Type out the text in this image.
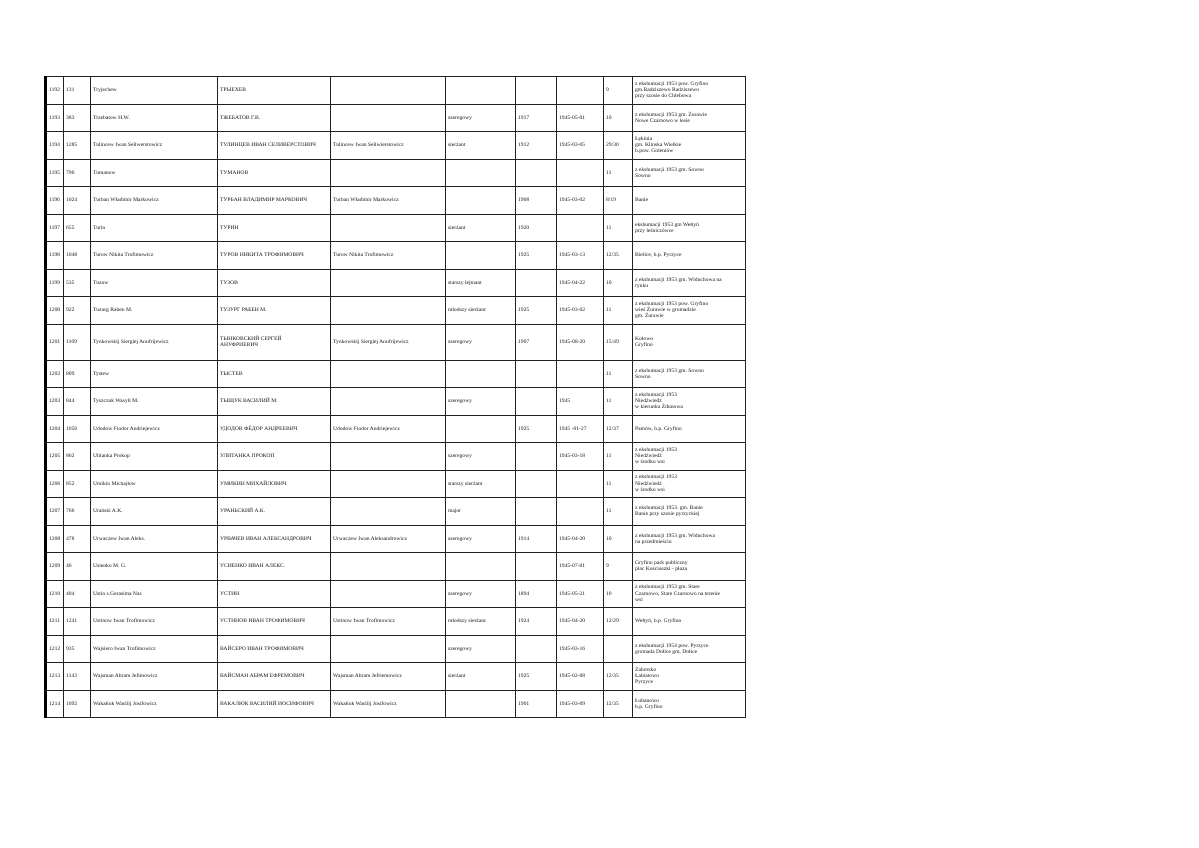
1192	131	Tryjechew	ТРЫЕХЕВ					9	z ekshumacji 1953 pow. Gryfino
gm.Radziszewo Radziszewo
przy szosie do Chlebowa
1193	383	Trzebatow H.W.	ТЖЕБАТОВ Г.В.		szeregowy	1917	1945-05-01	10	z ekshumacji 1953 gm. Żurawie
Nowe Czarnowo w lesie
1194	1285	Tulincew Iwan Seliwerstowicz	ТУЛИНЦЕВ ИВАН СЕЛИВЕРСТОВИЧ	Tulincew Iwan Seliwierstowicz	sierżant	1912	1945-03-05	29/30	Łękinia
gm. Klinska Wielkie
b.pow. Goleniów
1195	796	Tumanow	ТУМАНОВ					11	z ekshumacji 1953 gm. Sowno
Sowno
1196	1024	Turban Władimir Markowicz	ТУРБАН ВЛАДИМИР МАРКОВИЧ	Turban Władimir Markowicz		1908	1945-03-02	8/19	Banie
1197	655	Turin	ТУРИН		sierżant	1920		11	ekshumacji 1953 gm Wełtyń
przy leśniczówce
1198	1048	Turow Nikita Trofimowicz	ТУРОВ НИКИТА ТРОФИМОВИЧ	Turow Nikita Trofimowicz		1925	1945-03-13	12/35	Bielice, b.p. Pyrzyce
1199	535	Tuzow	ТУЗОВ		starszy lejtnant		1945-04-22	10	z ekshumacji 1953 gm. Widuchowa na
rynku
1200	922	Tuzurg Raben M.	ТУЗУРГ РАБЕН М.		młodszy sierżant	1925	1945-03-02	11	z ekshumacji 1953 pow. Gryfino
wieś Żurawie w gromadzie
gm. Żurawie
1201	1169	Tynkowskij Siergiej Anufrijewicz	ТЫНКОВСКИЙ СЕРГЕЙ
АНУФРИЕВИЧ	Tynkowskij Siergiej Anufrijewicz	szeregowy	1907	1945-08-20	15/49	Kołowo
Gryfino
1202	809	Tystew	ТЫСТЕВ					11	z ekshumacji 1953 gm. Sowno
Sowno
1203	844	Tyszczuk Wasyli M.	ТЫЩУК ВАСИЛИЙ М.		szeregowy		1945	11	z ekshumacji 1953
Niedźwiedź
w kierunku Żdunowa
1204	1056	Udodow Fiodor Andriejewicz	УДОДОВ ФЁДОР АНДРЕЕВИЧ	Udodow Fiodor Andriejewicz		1925	1945 -01-27	12/37	Pamów, b.p. Gryfino
1205	862	Ulitanka Prokop	УЛИТАНКА ПРОКОП		szeregowy		1945-03-18	11	z ekshumacji 1953
Niedźwiedź
w środku wsi
1206	852	Umikin Michajłow	УМИКИН МИХАЙЛОВИЧ		starszy sierżant			11	z ekshumacji 1953
Niedźwiedź
w środku wsi
1207	766	Urański A.K.	УРАНЬСКИЙ А.К.		major			11	z ekshumacji 1953. gm. Banie
Banie przy szosie pyrzyckiej
1208	478	Urwaczew Iwan Aleks.	УРВАЧЕВ ИВАН АЛЕКСАНДРОВИЧ	Urwaczew Iwan Aleksandrowicz	szeregowy	1914	1945-04-20	10	z ekshumacji 1953 gm. Widuchowa
na przedmieściu
1209	46	Usienko M. G.	УСИЕНКО ИВАН АЛЕКС.				1945-07-01	9	Gryfino park publiczny
plac Kościuszki - płaza
1210	404	Ustin s.Gerasima Nar.	УСТИН		szeregowy	1894	1945-05-21	10	z ekshumacji 1953 gm. Stare
Czarnowo, Stare Czarnowo na terenie
wsi
1211	1241	Ustinow Iwan Trofimowicz	УСТИНОВ ИВАН ТРОФИМОВИЧ	Ustinow Iwan Trofimowicz	młodszy sierżant	1924	1945-04-20	12/29	Wełtyń, b.p. Gryfino
1212	935	Wajsiero Iwan Trofimowicz	ВАЙСЕРО ИВАН ТРОФИМОВИЧ		szeregowy		1945-03-16		z ekshumacji 1954 pow. Pyrzyce
gromada Dołice gm. Dołice
1213	1143	Wajsman Abram Jefimowicz	ВАЙСМАН АБРАМ ЕФРЕМОВИЧ	Wajsman Abram Jefriemowicz	sierżant	1925	1945-02-08	12/35	Zaborsko
Łabiatowo
Pyrzyce
1214	1092	Wakałiuk Wasilij Josifowicz	ВАКАЛЮК ВАСИЛИЙ ИОСИФОВИЧ	Wakałiuk Wasilij Josifowicz		1901	1945-03-09	12/35	Łubanowo
b.p. Gryfino
